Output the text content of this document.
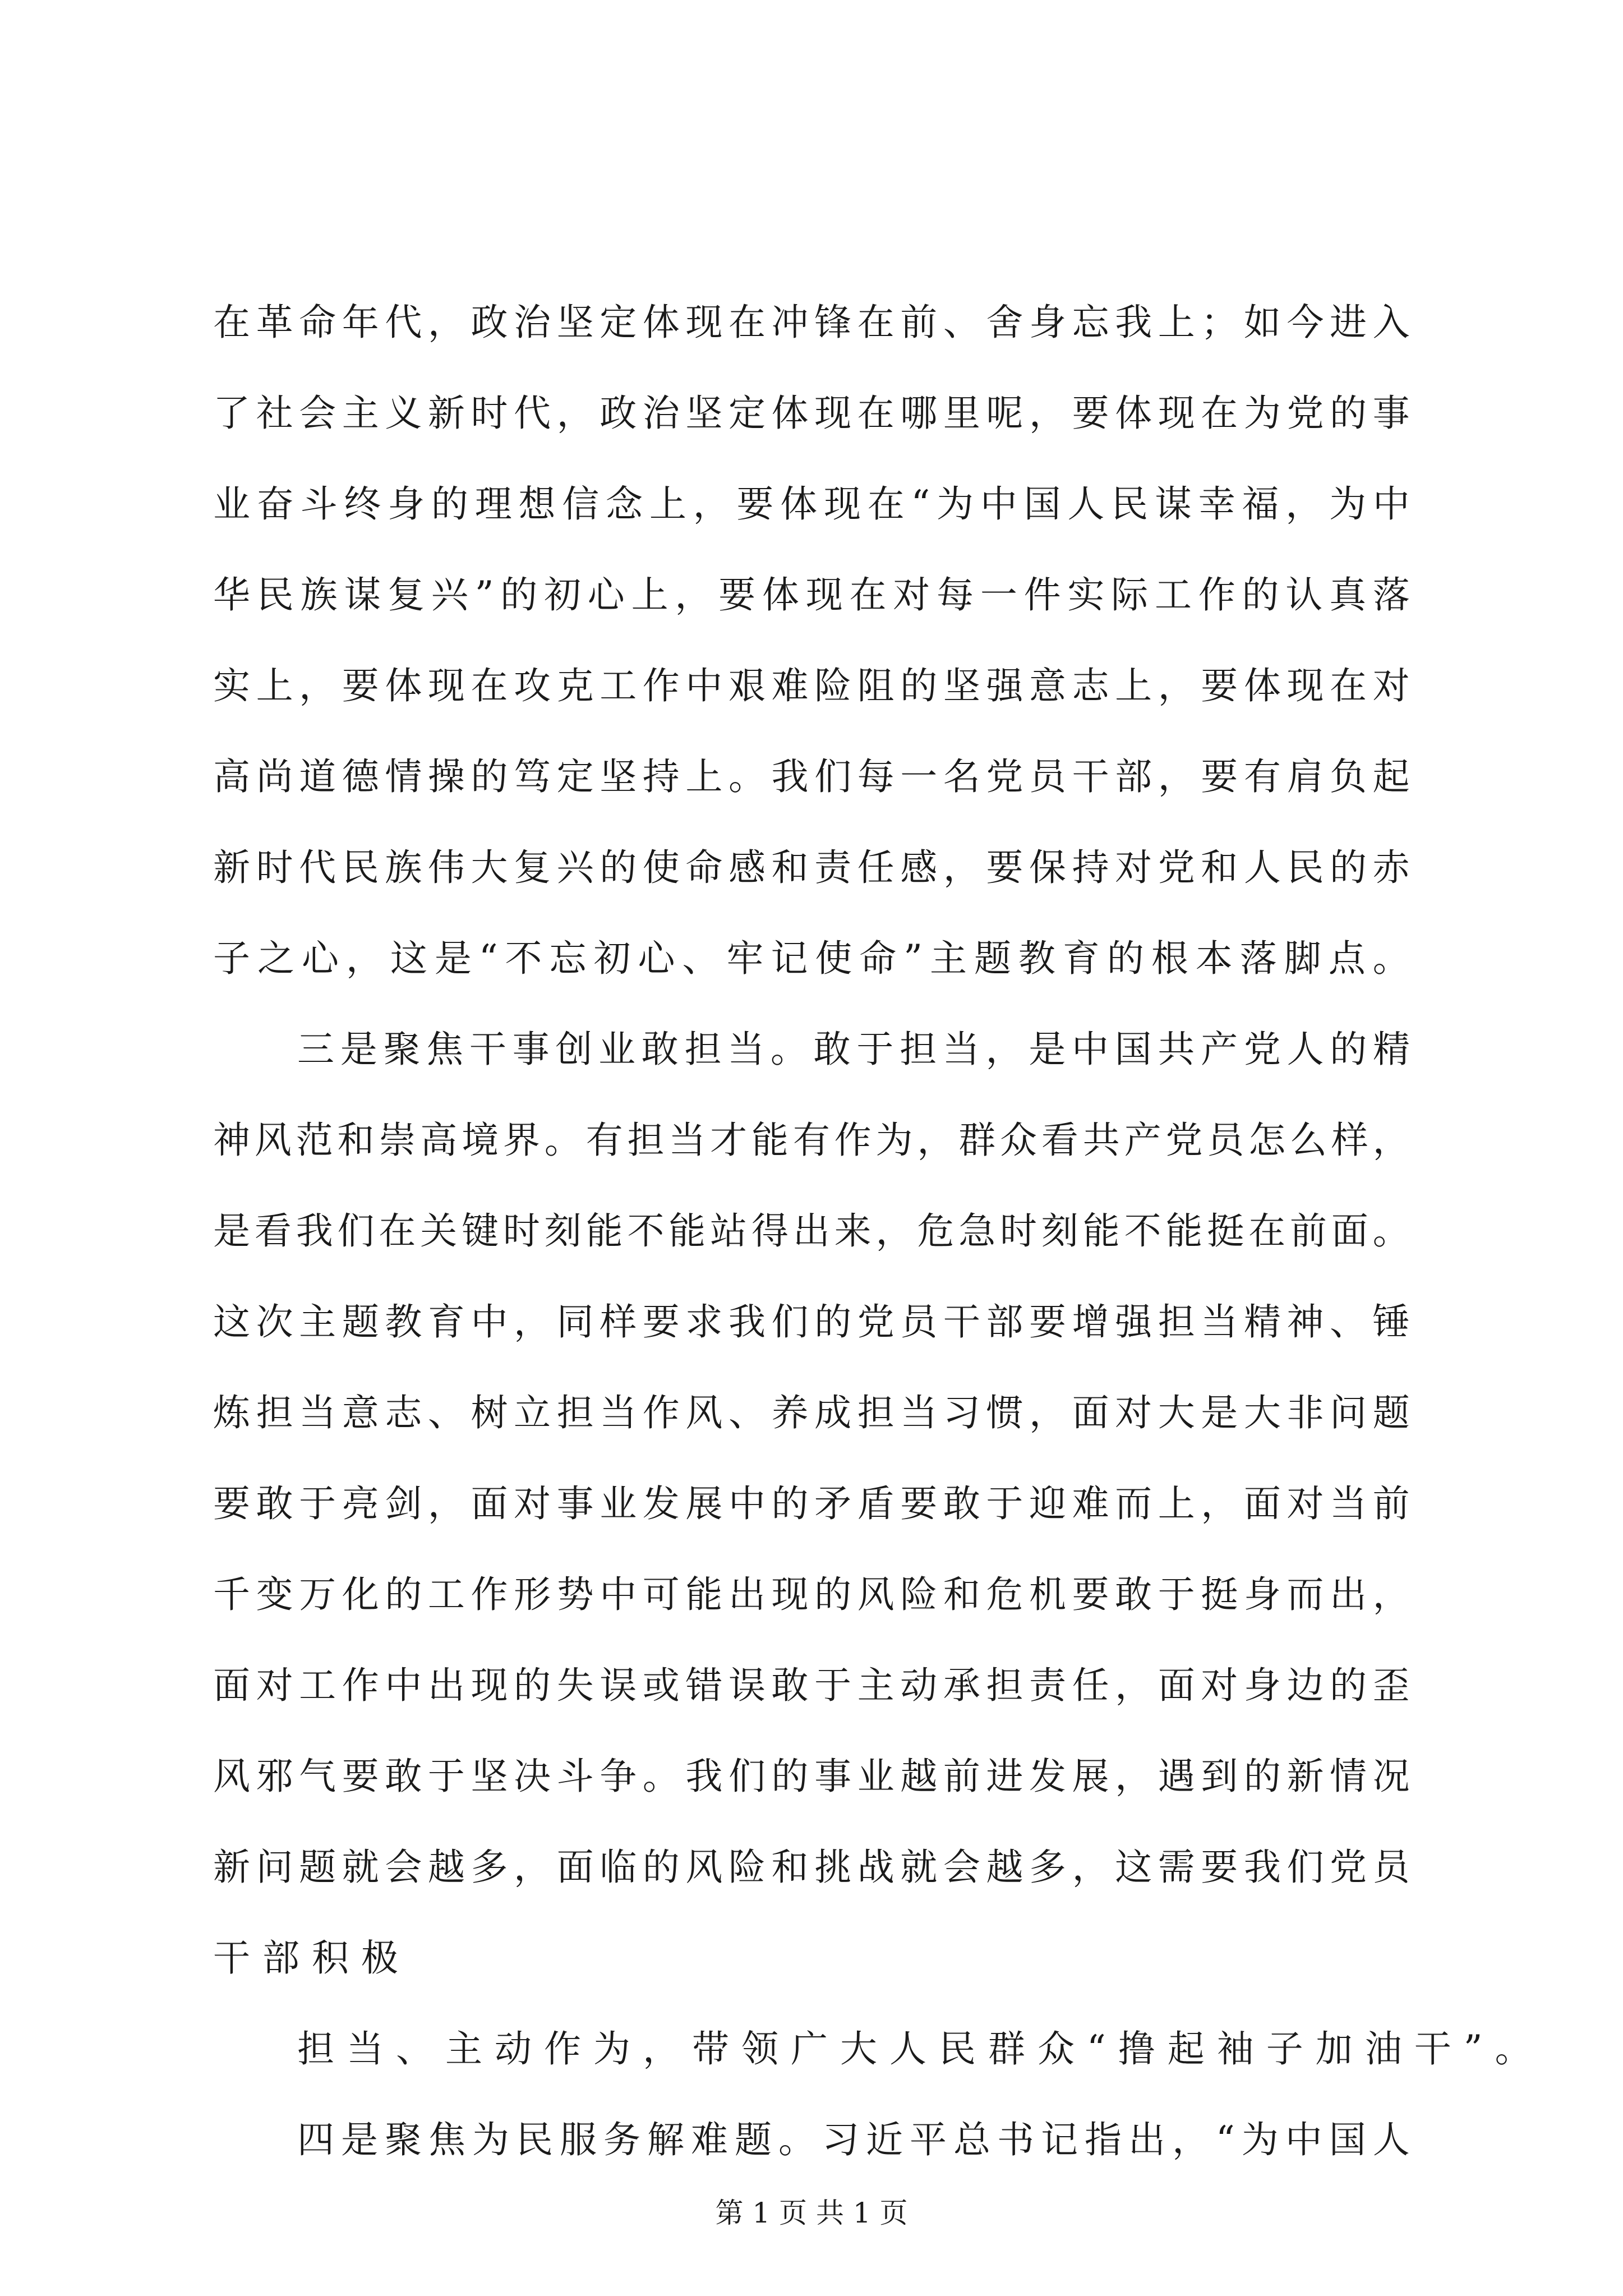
在 革 命 年 代 ， 政 治 坚 定 体 现 在 冲 锋 在 前 、 舍 身 忘 我 上 ； 如 今 进 入
了 社 会 主 义 新 时 代 ， 政 治 坚 定 体 现 在 哪 里 呢 ， 要 体 现 在 为 党 的 事
业 奋 斗 终 身 的 理 想 信 念 上 ， 要 体 现 在 “ 为 中 国 人 民 谋 幸 福 ， 为 中
华 民 族 谋 复 兴 ” 的 初 心 上 ， 要 体 现 在 对 每 一 件 实 际 工 作 的 认 真 落
实 上 ， 要 体 现 在 攻 克 工 作 中 艰 难 险 阻 的 坚 强 意 志 上 ， 要 体 现 在 对
高 尚 道 德 情 操 的 笃 定 坚 持 上 。 我 们 每 一 名 党 员 干 部 ， 要 有 肩 负 起
新 时 代 民 族 伟 大 复 兴 的 使 命 感 和 责 任 感 ， 要 保 持 对 党 和 人 民 的 赤
子 之 心 ， 这 是 “ 不 忘 初 心 、 牢 记 使 命 ” 主 题 教 育 的 根 本 落 脚 点 。
三 是 聚 焦 干 事 创 业 敢 担 当 。 敢 于 担 当 ， 是 中 国 共 产 党 人 的 精
神 风 范 和 崇 高 境 界 。 有 担 当 才 能 有 作 为 ， 群 众 看 共 产 党 员 怎 么 样 ，
是 看 我 们 在 关 键 时 刻 能 不 能 站 得 出 来 ， 危 急 时 刻 能 不 能 挺 在 前 面 。
这 次 主 题 教 育 中 ， 同 样 要 求 我 们 的 党 员 干 部 要 增 强 担 当 精 神 、 锤
炼 担 当 意 志 、 树 立 担 当 作 风 、 养 成 担 当 习 惯 ， 面 对 大 是 大 非 问 题
要 敢 于 亮 剑 ， 面 对 事 业 发 展 中 的 矛 盾 要 敢 于 迎 难 而 上 ， 面 对 当 前
千 变 万 化 的 工 作 形 势 中 可 能 出 现 的 风 险 和 危 机 要 敢 于 挺 身 而 出 ，
面 对 工 作 中 出 现 的 失 误 或 错 误 敢 于 主 动 承 担 责 任 ， 面 对 身 边 的 歪
风 邪 气 要 敢 于 坚 决 斗 争 。 我 们 的 事 业 越 前 进 发 展 ， 遇 到 的 新 情 况
新 问 题 就 会 越 多 ， 面 临 的 风 险 和 挑 战 就 会 越 多 ， 这 需 要 我 们 党 员
干 部 积 极
担 当 、 主 动 作 为 ， 带 领 广 大 人 民 群 众 “ 撸 起 袖 子 加 油 干 ” 。
四 是 聚 焦 为 民 服 务 解 难 题 。 习 近 平 总 书 记 指 出 ， “ 为 中 国 人
第 1 页 共 1 页
